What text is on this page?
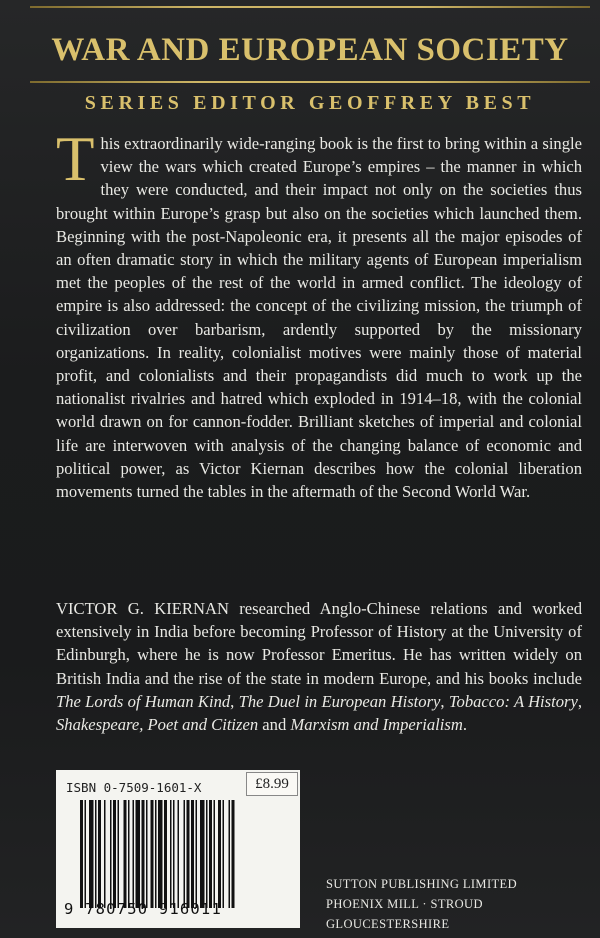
WAR AND EUROPEAN SOCIETY
SERIES EDITOR GEOFFREY BEST

This extraordinarily wide-ranging book is the first to bring within a single view the wars which created Europe’s empires – the manner in which they were conducted, and their impact not only on the societies thus brought within Europe’s grasp but also on the societies which launched them. Beginning with the post-Napoleonic era, it presents all the major episodes of an often dramatic story in which the military agents of European imperialism met the peoples of the rest of the world in armed conflict. The ideology of empire is also addressed: the concept of the civilizing mission, the triumph of civilization over barbarism, ardently supported by the missionary organizations. In reality, colonialist motives were mainly those of material profit, and colonialists and their propagandists did much to work up the nationalist rivalries and hatred which exploded in 1914–18, with the colonial world drawn on for cannon-fodder. Brilliant sketches of imperial and colonial life are interwoven with analysis of the changing balance of economic and political power, as Victor Kiernan describes how the colonial liberation movements turned the tables in the aftermath of the Second World War.

VICTOR G. KIERNAN researched Anglo-Chinese relations and worked extensively in India before becoming Professor of History at the University of Edinburgh, where he is now Professor Emeritus. He has written widely on British India and the rise of the state in modern Europe, and his books include The Lords of Human Kind, The Duel in European History, Tobacco: A History, Shakespeare, Poet and Citizen and Marxism and Imperialism.

ISBN 0-7509-1601-X	£8.99
9 780750 916011
SUTTON PUBLISHING LIMITED
PHOENIX MILL · STROUD
GLOUCESTERSHIRE
